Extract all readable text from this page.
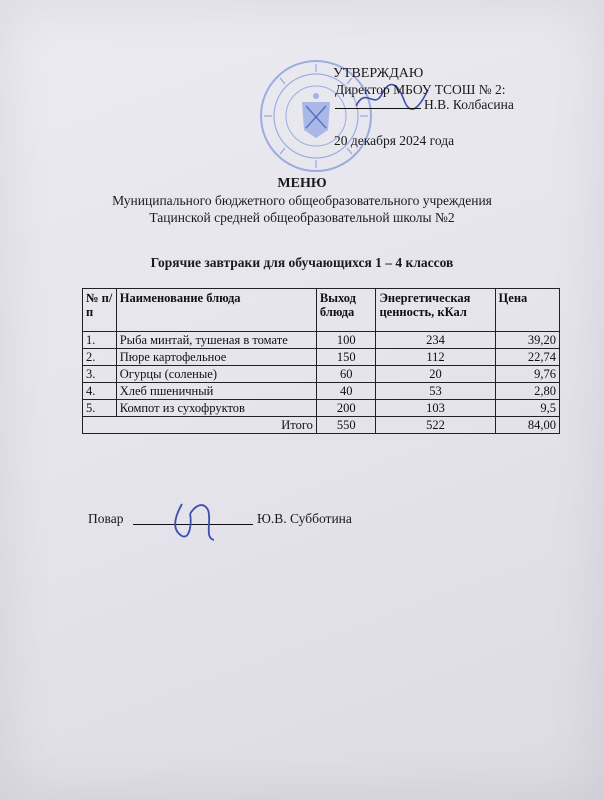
УТВЕРЖДАЮ
Директор МБОУ ТСОШ № 2:
Н.В. Колбасина
20 декабря 2024 года
МЕНЮ
Муниципального бюджетного общеобразовательного учреждения
Тацинской средней общеобразовательной школы №2
Горячие завтраки для обучающихся 1 – 4 классов
№ п/п	Наименование блюда	Выход блюда	Энергетическая ценность, кКал	Цена
1.	Рыба минтай, тушеная в томате	100	234	39,20
2.	Пюре картофельное	150	112	22,74
3.	Огурцы (соленые)	60	20	9,76
4.	Хлеб пшеничный	40	53	2,80
5.	Компот из сухофруктов	200	103	9,5
Итого		550	522	84,00
Повар	Ю.В. Субботина
